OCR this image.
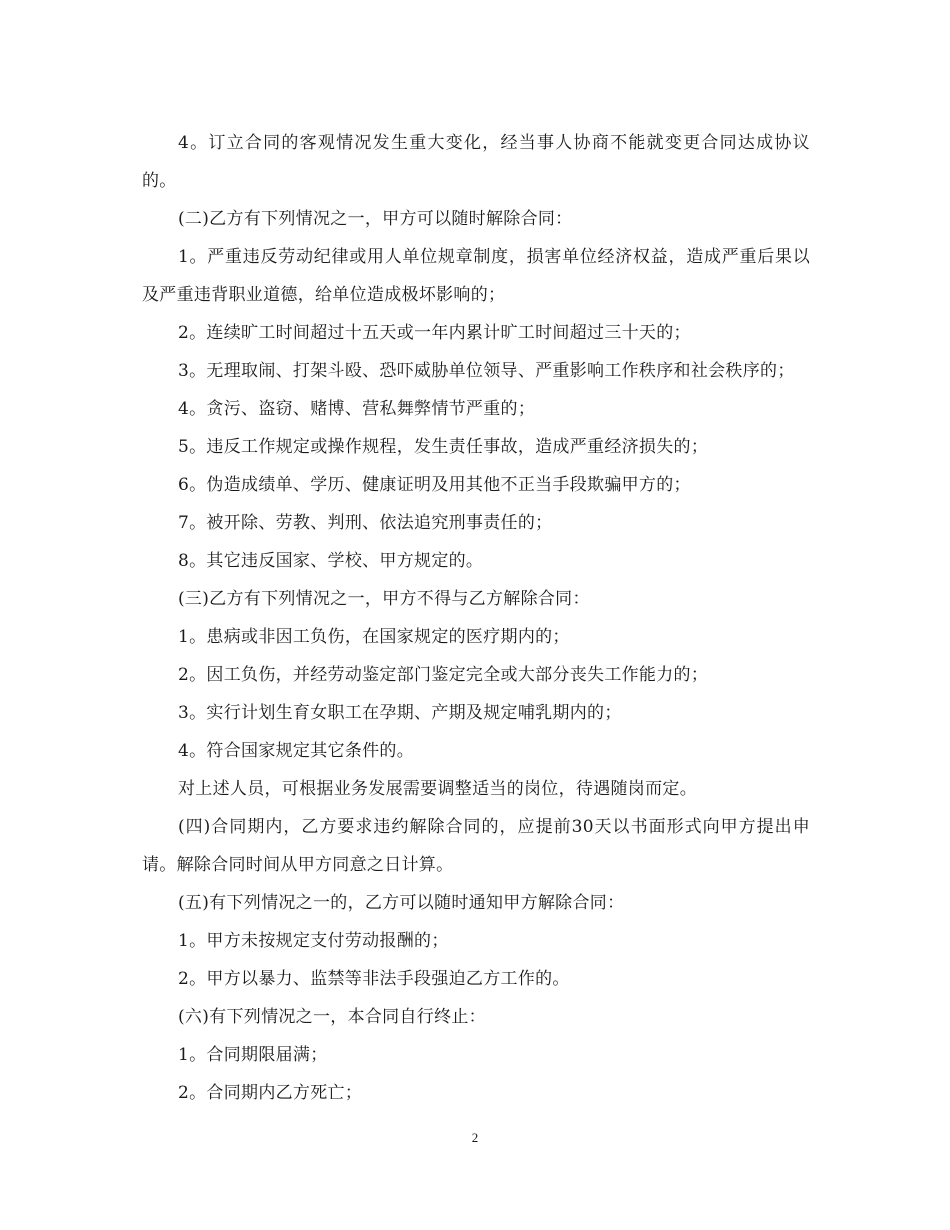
4。订立合同的客观情况发生重大变化，经当事人协商不能就变更合同达成协议的。

(二)乙方有下列情况之一，甲方可以随时解除合同：

1。严重违反劳动纪律或用人单位规章制度，损害单位经济权益，造成严重后果以及严重违背职业道德，给单位造成极坏影响的；

2。连续旷工时间超过十五天或一年内累计旷工时间超过三十天的；

3。无理取闹、打架斗殴、恐吓威胁单位领导、严重影响工作秩序和社会秩序的；

4。贪污、盗窃、赌博、营私舞弊情节严重的；

5。违反工作规定或操作规程，发生责任事故，造成严重经济损失的；

6。伪造成绩单、学历、健康证明及用其他不正当手段欺骗甲方的；

7。被开除、劳教、判刑、依法追究刑事责任的；

8。其它违反国家、学校、甲方规定的。

(三)乙方有下列情况之一，甲方不得与乙方解除合同：

1。患病或非因工负伤，在国家规定的医疗期内的；

2。因工负伤，并经劳动鉴定部门鉴定完全或大部分丧失工作能力的；

3。实行计划生育女职工在孕期、产期及规定哺乳期内的；

4。符合国家规定其它条件的。

对上述人员，可根据业务发展需要调整适当的岗位，待遇随岗而定。

(四)合同期内，乙方要求违约解除合同的，应提前30天以书面形式向甲方提出申请。解除合同时间从甲方同意之日计算。

(五)有下列情况之一的，乙方可以随时通知甲方解除合同：

1。甲方未按规定支付劳动报酬的；

2。甲方以暴力、监禁等非法手段强迫乙方工作的。

(六)有下列情况之一，本合同自行终止：

1。合同期限届满；

2。合同期内乙方死亡；

2
